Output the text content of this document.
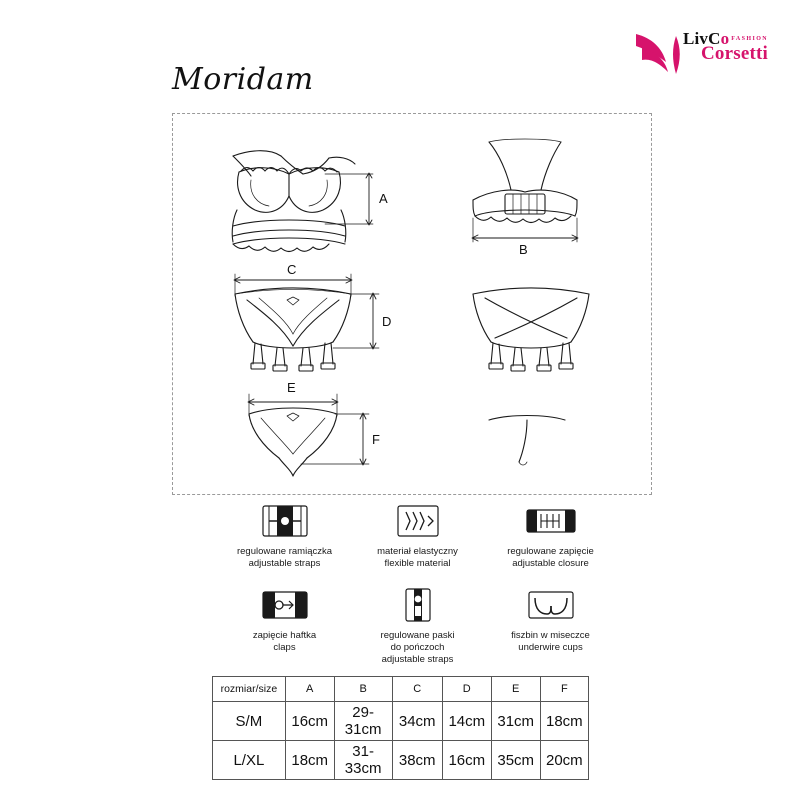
LivCo FASHION
Corsetti
Moridam
A
B
C
D
E
F
regulowane ramiączka
adjustable straps
materiał elastyczny
flexible material
regulowane zapięcie
adjustable closure
zapięcie haftka
claps
regulowane paski
do pończoch
adjustable straps
fiszbin w miseczce
underwire cups
rozmiar/size	A	B	C	D	E	F
S/M	16cm	29-31cm	34cm	14cm	31cm	18cm
L/XL	18cm	31-33cm	38cm	16cm	35cm	20cm
